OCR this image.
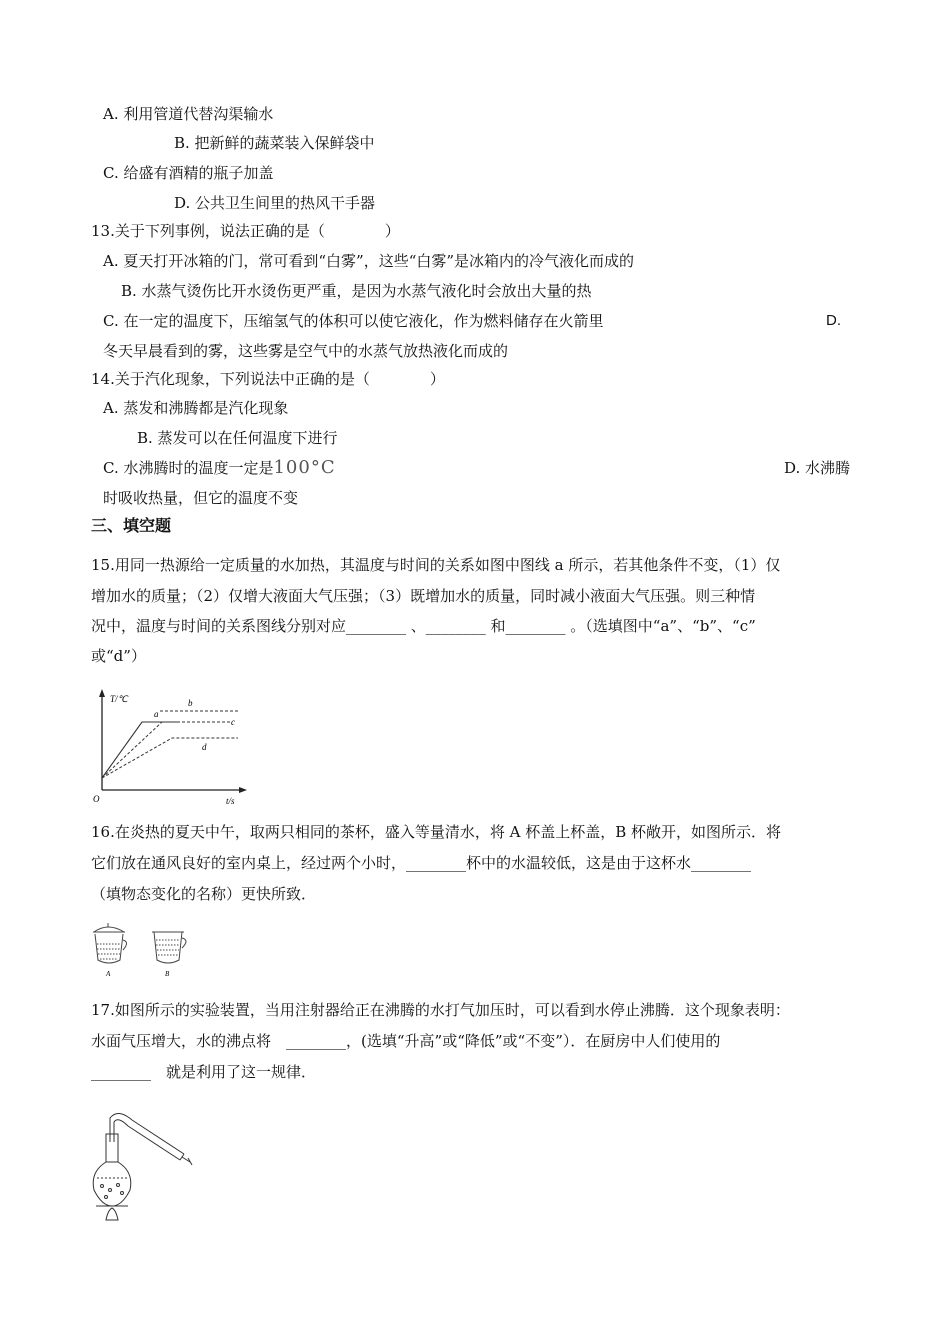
A. 利用管道代替沟渠输水
B. 把新鲜的蔬菜装入保鲜袋中
C. 给盛有酒精的瓶子加盖
D. 公共卫生间里的热风干手器
13.关于下列事例，说法正确的是（　　　　）
A. 夏天打开冰箱的门，常可看到“白雾”，这些“白雾”是冰箱内的冷气液化而成的
B. 水蒸气烫伤比开水烫伤更严重，是因为水蒸气液化时会放出大量的热
C. 在一定的温度下，压缩氢气的体积可以使它液化，作为燃料储存在火箭里	D.
冬天早晨看到的雾，这些雾是空气中的水蒸气放热液化而成的
14.关于汽化现象，下列说法中正确的是（　　　　）
A. 蒸发和沸腾都是汽化现象
B. 蒸发可以在任何温度下进行
C. 水沸腾时的温度一定是100°C	D. 水沸腾
时吸收热量，但它的温度不变
三、填空题
15.用同一热源给一定质量的水加热，其温度与时间的关系如图中图线 a 所示，若其他条件不变，（1）仅
增加水的质量；（2）仅增大液面大气压强；（3）既增加水的质量，同时减小液面大气压强。则三种情
况中，温度与时间的关系图线分别对应________ 、________ 和________ 。（选填图中“a”、“b”、“c”
或“d”）
T/℃
t/s
O
b
a
c
d
16.在炎热的夏天中午，取两只相同的茶杯，盛入等量清水，将 A 杯盖上杯盖，B 杯敞开，如图所示．将
它们放在通风良好的室内桌上，经过两个小时，________杯中的水温较低，这是由于这杯水________
（填物态变化的名称）更快所致．
A	B
17.如图所示的实验装置，当用注射器给正在沸腾的水打气加压时，可以看到水停止沸腾．这个现象表明：
水面气压增大，水的沸点将　________，(选填“升高”或“降低”或“不变”）．在厨房中人们使用的
________　就是利用了这一规律．
